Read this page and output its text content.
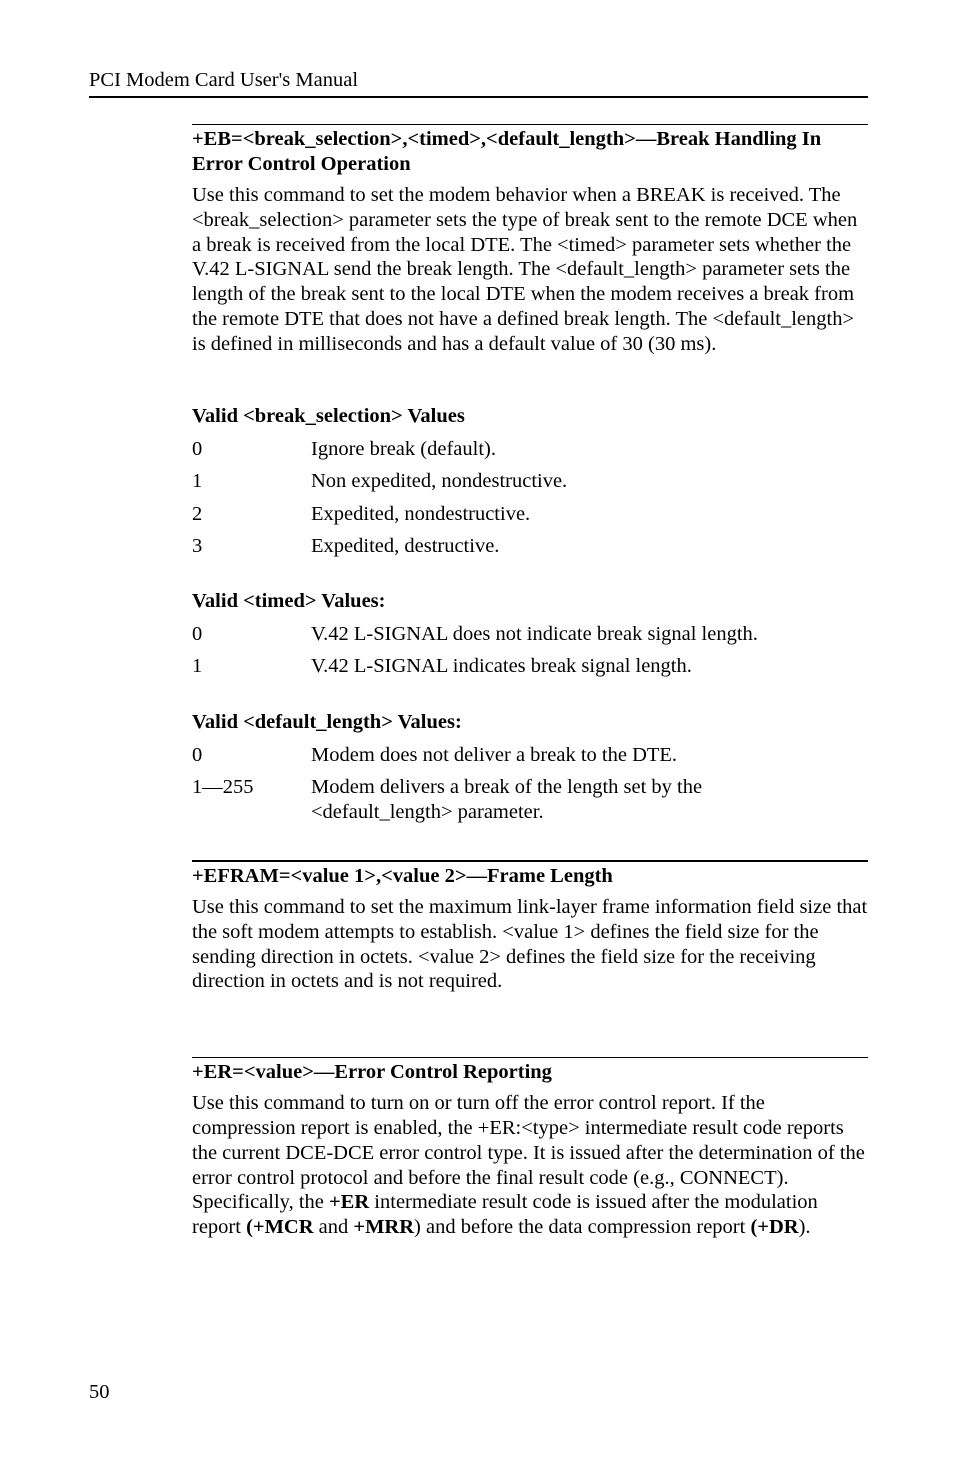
PCI Modem Card User's Manual

+EB=<break_selection>,<timed>,<default_length>—Break Handling In Error Control Operation

Use this command to set the modem behavior when a BREAK is received. The <break_selection> parameter sets the type of break sent to the remote DCE when a break is received from the local DTE. The <timed> parameter sets whether the V.42 L-SIGNAL send the break length. The <default_length> parameter sets the length of the break sent to the local DTE when the modem receives a break from the remote DTE that does not have a defined break length. The <default_length> is defined in milliseconds and has a default value of 30 (30 ms).

Valid <break_selection> Values

0	Ignore break (default).
1	Non expedited, nondestructive.
2	Expedited, nondestructive.
3	Expedited, destructive.

Valid <timed> Values:

0	V.42 L-SIGNAL does not indicate break signal length.
1	V.42 L-SIGNAL indicates break signal length.

Valid <default_length> Values:

0	Modem does not deliver a break to the DTE.
1—255	Modem delivers a break of the length set by the <default_length> parameter.

+EFRAM=<value 1>,<value 2>—Frame Length

Use this command to set the maximum link-layer frame information field size that the soft modem attempts to establish. <value 1> defines the field size for the sending direction in octets. <value 2> defines the field size for the receiving direction in octets and is not required.

+ER=<value>—Error Control Reporting

Use this command to turn on or turn off the error control report. If the compression report is enabled, the +ER:<type> intermediate result code reports the current DCE-DCE error control type. It is issued after the determination of the error control protocol and before the final result code (e.g., CONNECT). Specifically, the +ER intermediate result code is issued after the modulation report (+MCR and +MRR) and before the data compression report (+DR).

50
